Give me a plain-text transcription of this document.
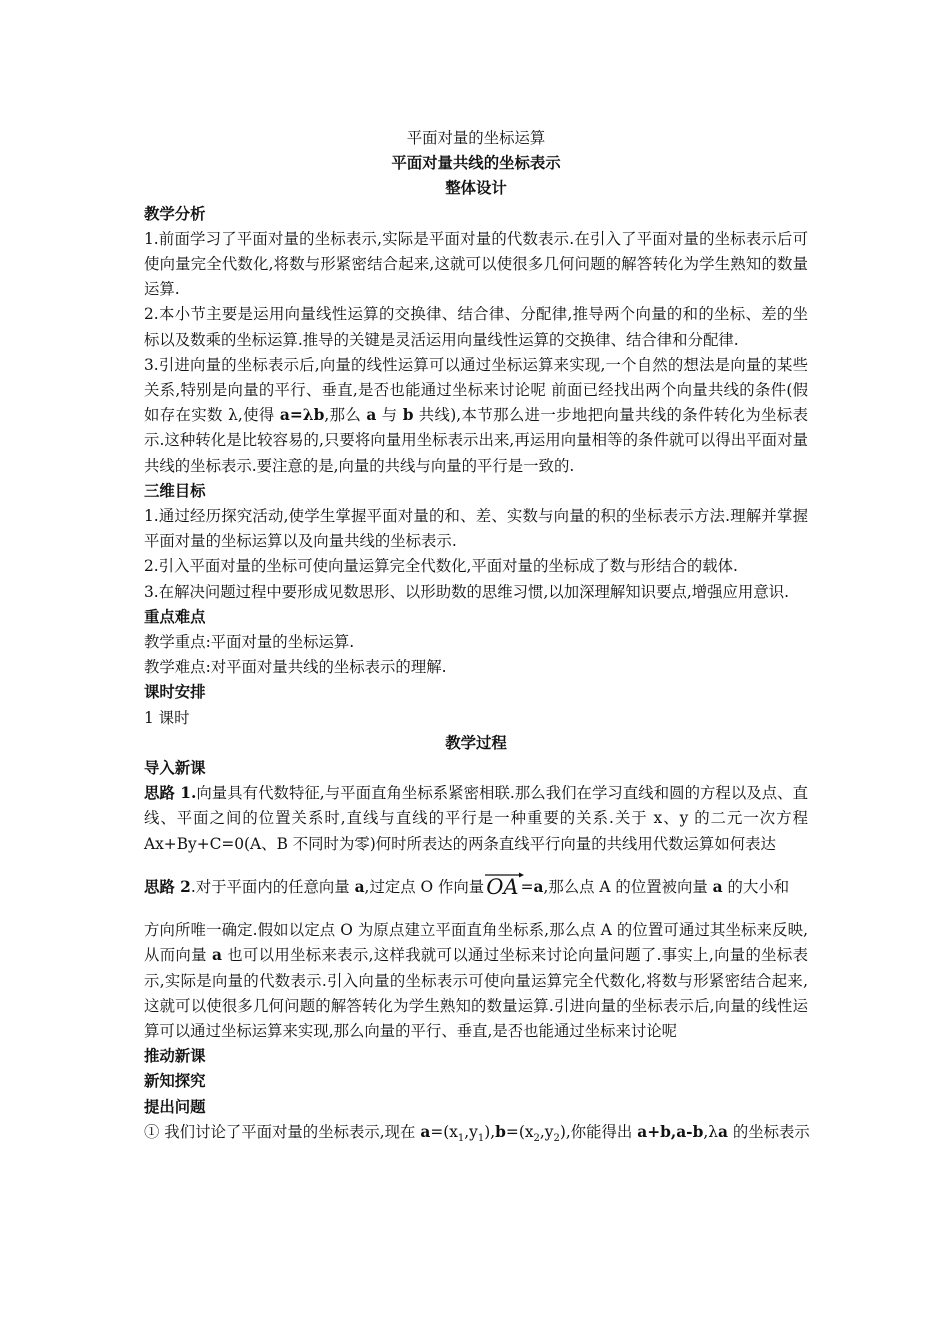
平面对量的坐标运算

平面对量共线的坐标表示

整体设计

教学分析

1.前面学习了平面对量的坐标表示,实际是平面对量的代数表示.在引入了平面对量的坐标表示后可使向量完全代数化,将数与形紧密结合起来,这就可以使很多几何问题的解答转化为学生熟知的数量运算.

2.本小节主要是运用向量线性运算的交换律、结合律、分配律,推导两个向量的和的坐标、差的坐标以及数乘的坐标运算.推导的关键是灵活运用向量线性运算的交换律、结合律和分配律.

3.引进向量的坐标表示后,向量的线性运算可以通过坐标运算来实现,一个自然的想法是向量的某些关系,特别是向量的平行、垂直,是否也能通过坐标来讨论呢 前面已经找出两个向量共线的条件(假如存在实数 λ,使得 a=λb,那么 a 与 b 共线),本节那么进一步地把向量共线的条件转化为坐标表示.这种转化是比较容易的,只要将向量用坐标表示出来,再运用向量相等的条件就可以得出平面对量共线的坐标表示.要注意的是,向量的共线与向量的平行是一致的.

三维目标

1.通过经历探究活动,使学生掌握平面对量的和、差、实数与向量的积的坐标表示方法.理解并掌握平面对量的坐标运算以及向量共线的坐标表示.

2.引入平面对量的坐标可使向量运算完全代数化,平面对量的坐标成了数与形结合的载体.

3.在解决问题过程中要形成见数思形、以形助数的思维习惯,以加深理解知识要点,增强应用意识.

重点难点

教学重点:平面对量的坐标运算.

教学难点:对平面对量共线的坐标表示的理解.

课时安排

1 课时

教学过程

导入新课

思路 1.向量具有代数特征,与平面直角坐标系紧密相联.那么我们在学习直线和圆的方程以及点、直线、平面之间的位置关系时,直线与直线的平行是一种重要的关系.关于 x、y 的二元一次方程 Ax+By+C=0(A、B 不同时为零)何时所表达的两条直线平行向量的共线用代数运算如何表达

思路 2.对于平面内的任意向量 a,过定点 O 作向量
OA =a,那么点 A 的位置被向量 a 的大小和

方向所唯一确定.假如以定点 O 为原点建立平面直角坐标系,那么点 A 的位置可通过其坐标来反映,从而向量 a 也可以用坐标来表示,这样我就可以通过坐标来讨论向量问题了.事实上,向量的坐标表示,实际是向量的代数表示.引入向量的坐标表示可使向量运算完全代数化,将数与形紧密结合起来,这就可以使很多几何问题的解答转化为学生熟知的数量运算.引进向量的坐标表示后,向量的线性运算可以通过坐标运算来实现,那么向量的平行、垂直,是否也能通过坐标来讨论呢

推动新课

新知探究

提出问题

① 我们讨论了平面对量的坐标表示,现在 $a=(x_1,y_1),b=(x_2,y_2)$,你能得出 a+b,a-b,λa 的坐标表示
